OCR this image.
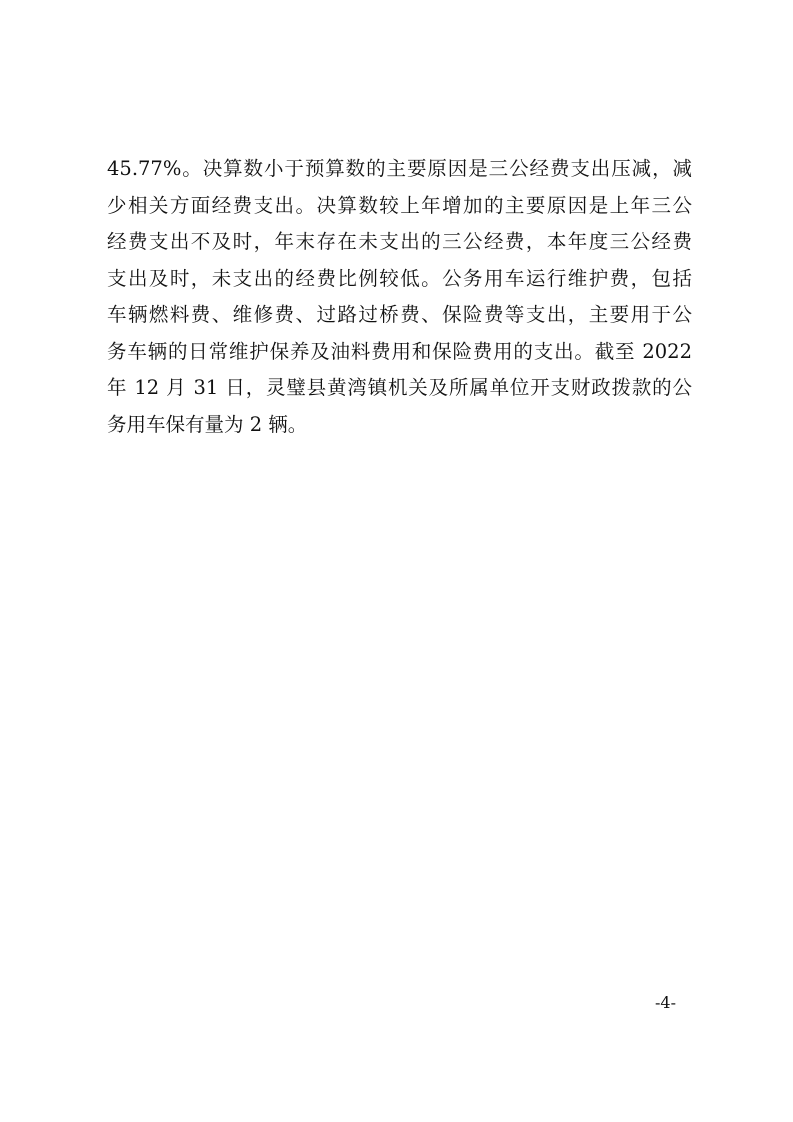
45.77%。决算数小于预算数的主要原因是三公经费支出压减，减
少相关方面经费支出。决算数较上年增加的主要原因是上年三公
经费支出不及时，年末存在未支出的三公经费，本年度三公经费
支出及时，未支出的经费比例较低。公务用车运行维护费，包括
车辆燃料费、维修费、过路过桥费、保险费等支出，主要用于公
务车辆的日常维护保养及油料费用和保险费用的支出。截至 2022
年 12 月 31 日，灵璧县黄湾镇机关及所属单位开支财政拨款的公
务用车保有量为 2 辆。
-4-
